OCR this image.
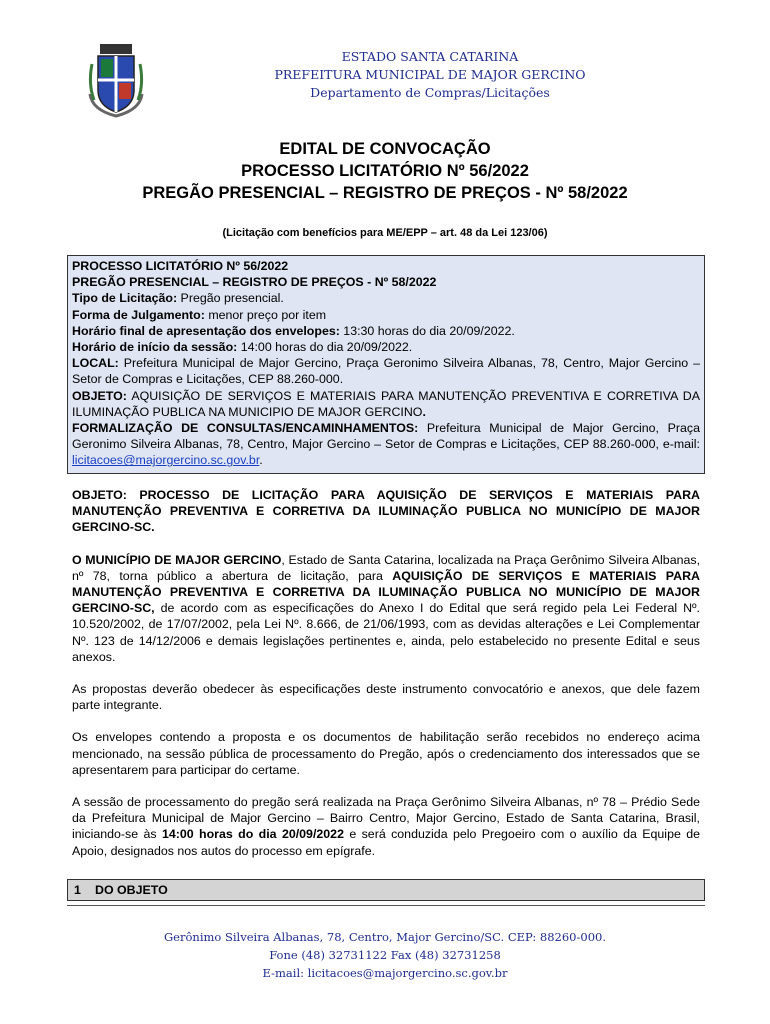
ESTADO SANTA CATARINA
PREFEITURA MUNICIPAL DE MAJOR GERCINO
Departamento de Compras/Licitações
EDITAL DE CONVOCAÇÃO
PROCESSO LICITATÓRIO Nº 56/2022
PREGÃO PRESENCIAL – REGISTRO DE PREÇOS - Nº 58/2022
(Licitação com benefícios para ME/EPP – art. 48 da Lei 123/06)

PROCESSO LICITATÓRIO Nº 56/2022

PREGÃO PRESENCIAL – REGISTRO DE PREÇOS - Nº 58/2022

Tipo de Licitação: Pregão presencial.

Forma de Julgamento: menor preço por item

Horário final de apresentação dos envelopes: 13:30 horas do dia 20/09/2022.

Horário de início da sessão: 14:00 horas do dia 20/09/2022.

LOCAL: Prefeitura Municipal de Major Gercino, Praça Geronimo Silveira Albanas, 78, Centro, Major Gercino – Setor de Compras e Licitações, CEP 88.260-000.

OBJETO: AQUISIÇÃO DE SERVIÇOS E MATERIAIS PARA MANUTENÇÃO PREVENTIVA E CORRETIVA DA ILUMINAÇÃO PUBLICA NA MUNICIPIO DE MAJOR GERCINO.

FORMALIZAÇÃO DE CONSULTAS/ENCAMINHAMENTOS: Prefeitura Municipal de Major Gercino, Praça Geronimo Silveira Albanas, 78, Centro, Major Gercino – Setor de Compras e Licitações, CEP 88.260-000, e-mail: licitacoes@majorgercino.sc.gov.br.

OBJETO: PROCESSO DE LICITAÇÃO PARA AQUISIÇÃO DE SERVIÇOS E MATERIAIS PARA MANUTENÇÃO PREVENTIVA E CORRETIVA DA ILUMINAÇÃO PUBLICA NO MUNICÍPIO DE MAJOR GERCINO-SC.

O MUNICÍPIO DE MAJOR GERCINO, Estado de Santa Catarina, localizada na Praça Gerônimo Silveira Albanas, nº 78, torna público a abertura de licitação, para AQUISIÇÃO DE SERVIÇOS E MATERIAIS PARA MANUTENÇÃO PREVENTIVA E CORRETIVA DA ILUMINAÇÃO PUBLICA NO MUNICÍPIO DE MAJOR GERCINO-SC, de acordo com as especificações do Anexo I do Edital que será regido pela Lei Federal Nº. 10.520/2002, de 17/07/2002, pela Lei Nº. 8.666, de 21/06/1993, com as devidas alterações e Lei Complementar Nº. 123 de 14/12/2006 e demais legislações pertinentes e, ainda, pelo estabelecido no presente Edital e seus anexos.

As propostas deverão obedecer às especificações deste instrumento convocatório e anexos, que dele fazem parte integrante.

Os envelopes contendo a proposta e os documentos de habilitação serão recebidos no endereço acima mencionado, na sessão pública de processamento do Pregão, após o credenciamento dos interessados que se apresentarem para participar do certame.

A sessão de processamento do pregão será realizada na Praça Gerônimo Silveira Albanas, nº 78 – Prédio Sede da Prefeitura Municipal de Major Gercino – Bairro Centro, Major Gercino, Estado de Santa Catarina, Brasil, iniciando-se às 14:00 horas do dia 20/09/2022 e será conduzida pelo Pregoeiro com o auxílio da Equipe de Apoio, designados nos autos do processo em epígrafe.

1 DO OBJETO
Gerônimo Silveira Albanas, 78, Centro, Major Gercino/SC. CEP: 88260-000.
Fone (48) 32731122 Fax (48) 32731258
E-mail: licitacoes@majorgercino.sc.gov.br
